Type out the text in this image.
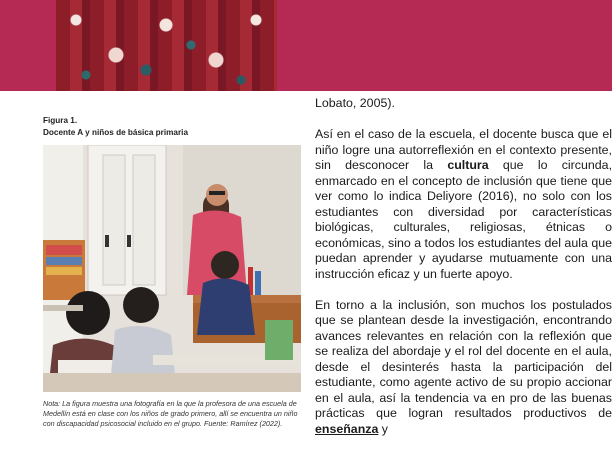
Figura 1.
Docente A y niños de básica primaria
Nota: La figura muestra una fotografía en la que la profesora de una escuela de Medellín está en clase con los niños de grado primero, allí se encuentra un niño con discapacidad psicosocial incluido en el grupo. Fuente: Ramírez (2022).

Lobato, 2005).

Así en el caso de la escuela, el docente busca que el niño logre una autorreflexión en el contexto presente, sin desconocer la cultura que lo circunda, enmarcado en el concepto de inclusión que tiene que ver como lo indica Deliyore (2016), no solo con los estudiantes con diversidad por características biológicas, culturales, religiosas, étnicas o económicas, sino a todos los estudiantes del aula que puedan aprender y ayudarse mutuamente con una instrucción eficaz y un fuerte apoyo.

En torno a la inclusión, son muchos los postulados que se plantean desde la investigación, encontrando avances relevantes en relación con la reflexión que se realiza del abordaje y el rol del docente en el aula, desde el desinterés hasta la participación del estudiante, como agente activo de su propio accionar en el aula, así la tendencia va en pro de las buenas prácticas que logran resultados productivos de enseñanza y
